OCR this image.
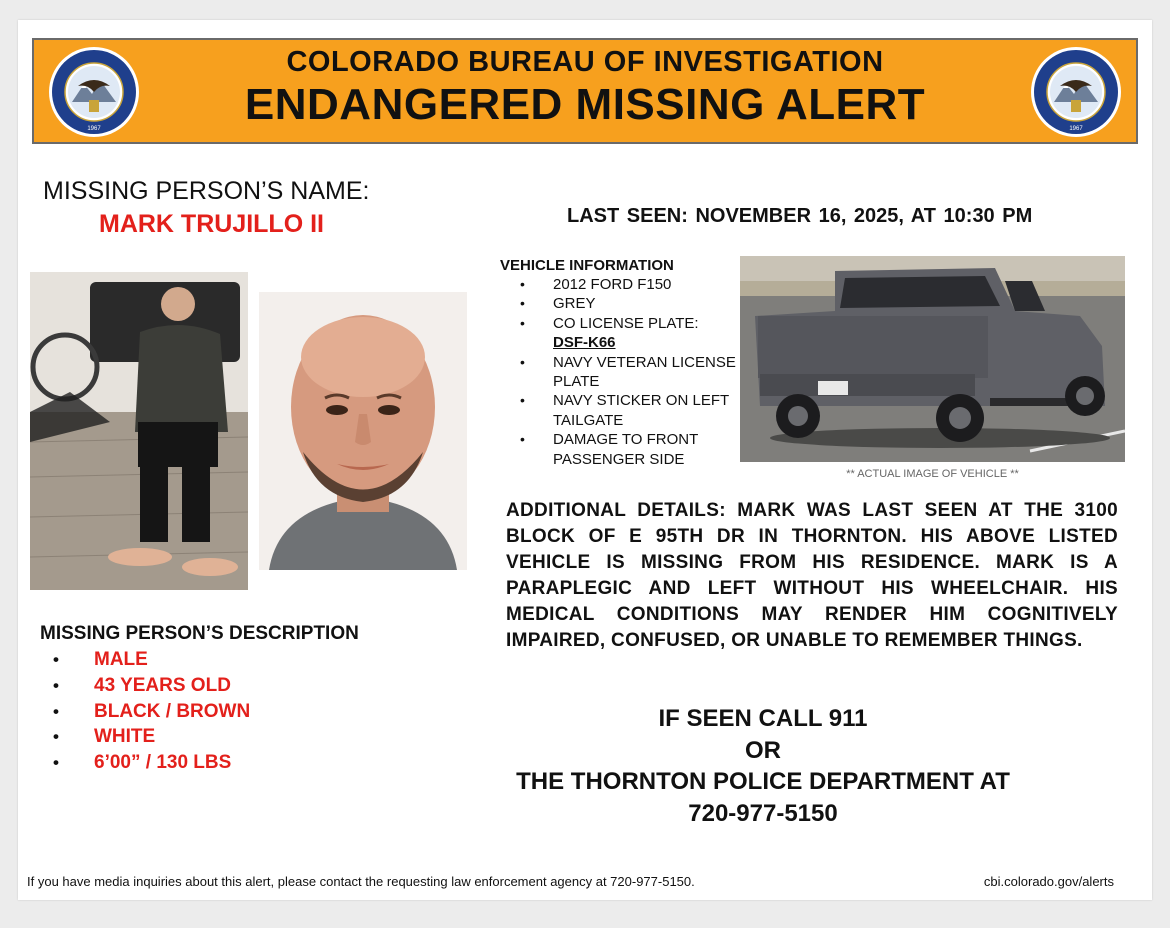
1967
COLORADO BUREAU OF INVESTIGATION
ENDANGERED MISSING ALERT	1967
MISSING PERSON’S NAME:
MARK TRUJILLO II	LAST SEEN: NOVEMBER 16, 2025, AT 10:30 PM
VEHICLE INFORMATION
• 2012 FORD F150
• GREY
• CO LICENSE PLATE:
DSF-K66
• NAVY VETERAN LICENSE PLATE
• NAVY STICKER ON LEFT TAILGATE
• DAMAGE TO FRONT PASSENGER SIDE
** ACTUAL IMAGE OF VEHICLE **
ADDITIONAL DETAILS: MARK WAS LAST SEEN AT THE 3100 BLOCK OF E 95TH DR IN THORNTON. HIS ABOVE LISTED VEHICLE IS MISSING FROM HIS RESIDENCE. MARK IS A PARAPLEGIC AND LEFT WITHOUT HIS WHEELCHAIR. HIS MEDICAL CONDITIONS MAY RENDER HIM COGNITIVELY IMPAIRED, CONFUSED, OR UNABLE TO REMEMBER THINGS.
MISSING PERSON’S DESCRIPTION
• MALE
• 43 YEARS OLD
• BLACK / BROWN
• WHITE
• 6’00” / 130 LBS
IF SEEN CALL 911
OR
THE THORNTON POLICE DEPARTMENT AT
720-977-5150
If you have media inquiries about this alert, please contact the requesting law enforcement agency at 720-977-5150.	cbi.colorado.gov/alerts
